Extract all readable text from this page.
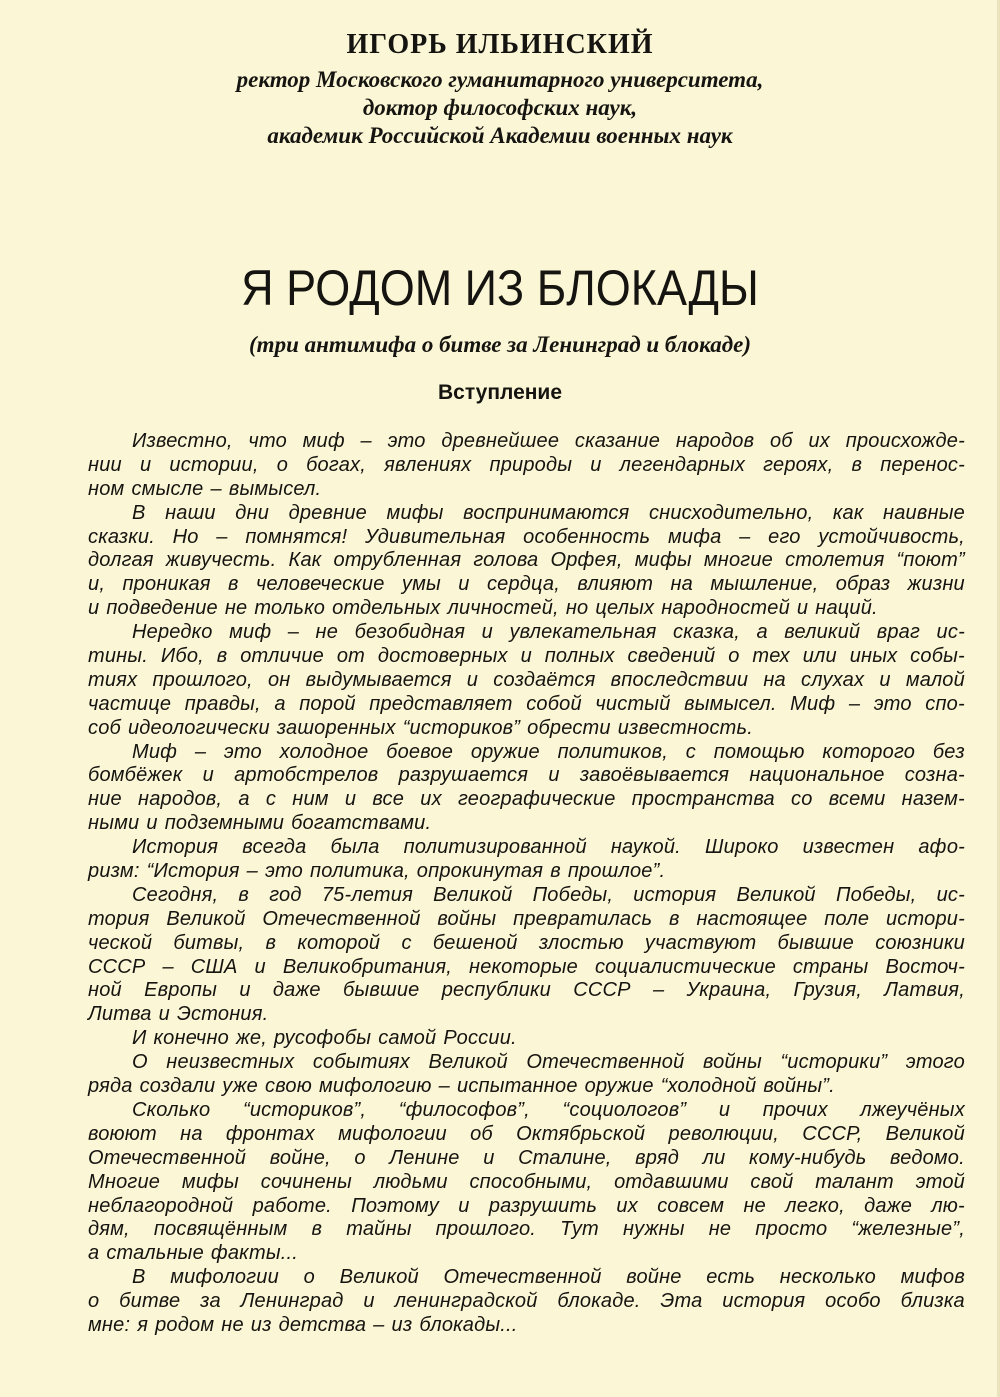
ИГОРЬ ИЛЬИНСКИЙ
ректор Московского гуманитарного университета,
доктор философских наук,
академик Российской Академии военных наук
Я РОДОМ ИЗ БЛОКАДЫ
(три антимифа о битве за Ленинград и блокаде)
Вступление
Известно, что миф – это древнейшее сказание народов об их происхожде-
нии и истории, о богах, явлениях природы и легендарных героях, в перенос-
ном смысле – вымысел.
В наши дни древние мифы воспринимаются снисходительно, как наивные
сказки. Но – помнятся! Удивительная особенность мифа – его устойчивость,
долгая живучесть. Как отрубленная голова Орфея, мифы многие столетия “поют”
и, проникая в человеческие умы и сердца, влияют на мышление, образ жизни
и подведение не только отдельных личностей, но целых народностей и наций.
Нередко миф – не безобидная и увлекательная сказка, а великий враг ис-
тины. Ибо, в отличие от достоверных и полных сведений о тех или иных собы-
тиях прошлого, он выдумывается и создаётся впоследствии на слухах и малой
частице правды, а порой представляет собой чистый вымысел. Миф – это спо-
соб идеологически зашоренных “историков” обрести известность.
Миф – это холодное боевое оружие политиков, с помощью которого без
бомбёжек и артобстрелов разрушается и завоёвывается национальное созна-
ние народов, а с ним и все их географические пространства со всеми назем-
ными и подземными богатствами.
История всегда была политизированной наукой. Широко известен афо-
ризм: “История – это политика, опрокинутая в прошлое”.
Сегодня, в год 75-летия Великой Победы, история Великой Победы, ис-
тория Великой Отечественной войны превратилась в настоящее поле истори-
ческой битвы, в которой с бешеной злостью участвуют бывшие союзники
СССР – США и Великобритания, некоторые социалистические страны Восточ-
ной Европы и даже бывшие республики СССР – Украина, Грузия, Латвия,
Литва и Эстония.
И конечно же, русофобы самой России.
О неизвестных событиях Великой Отечественной войны “историки” этого
ряда создали уже свою мифологию – испытанное оружие “холодной войны”.
Сколько “историков”, “философов”, “социологов” и прочих лжеучёных
воюют на фронтах мифологии об Октябрьской революции, СССР, Великой
Отечественной войне, о Ленине и Сталине, вряд ли кому-нибудь ведомо.
Многие мифы сочинены людьми способными, отдавшими свой талант этой
неблагородной работе. Поэтому и разрушить их совсем не легко, даже лю-
дям, посвящённым в тайны прошлого. Тут нужны не просто “железные”,
а стальные факты...
В мифологии о Великой Отечественной войне есть несколько мифов
о битве за Ленинград и ленинградской блокаде. Эта история особо близка
мне: я родом не из детства – из блокады...
